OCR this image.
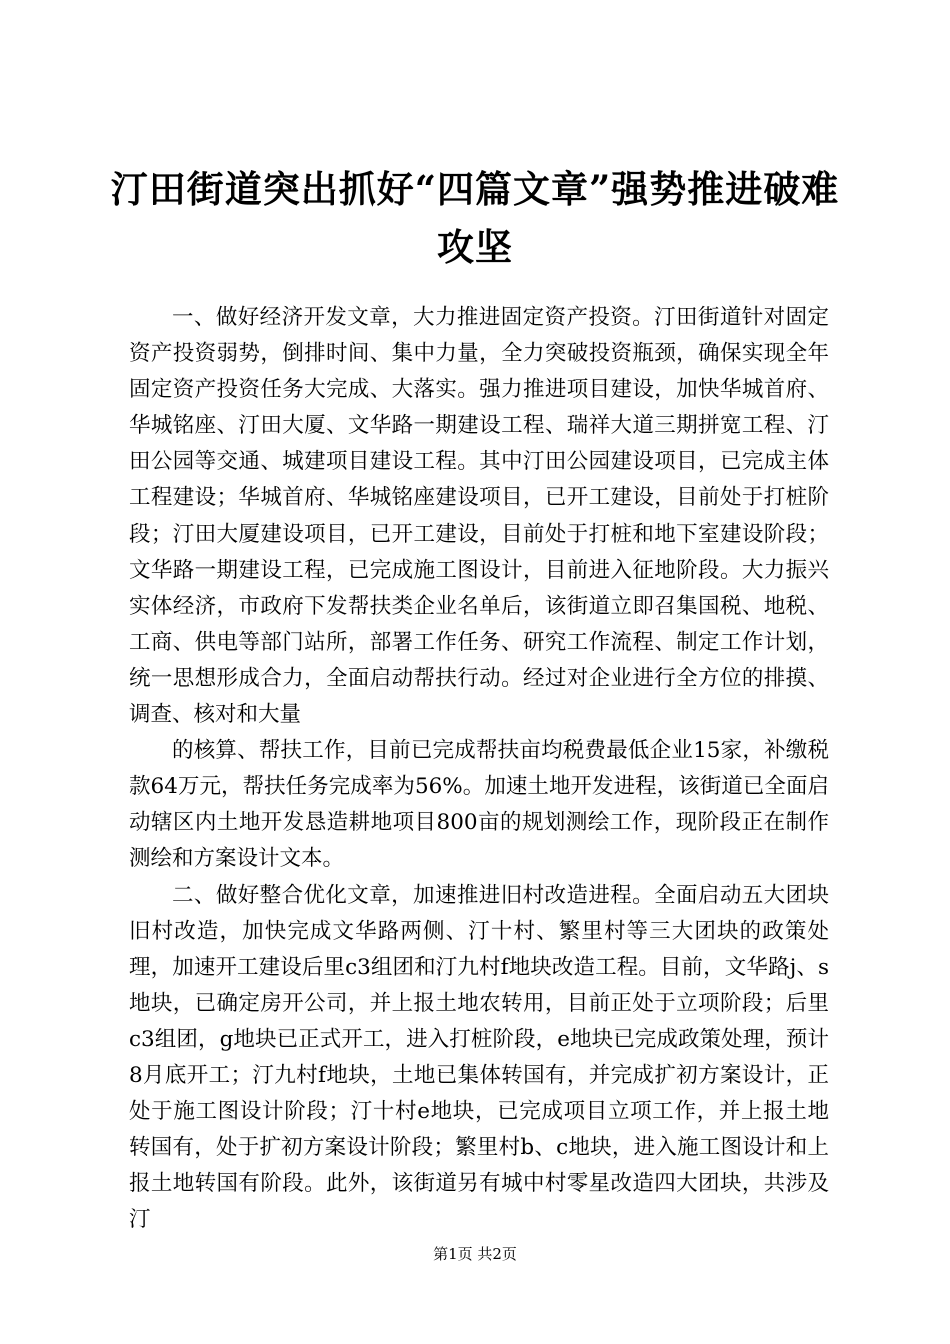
汀田街道突出抓好“四篇文章”强势推进破难攻坚

一、做好经济开发文章，大力推进固定资产投资。汀田街道针对固定资产投资弱势，倒排时间、集中力量，全力突破投资瓶颈，确保实现全年固定资产投资任务大完成、大落实。强力推进项目建设，加快华城首府、华城铭座、汀田大厦、文华路一期建设工程、瑞祥大道三期拼宽工程、汀田公园等交通、城建项目建设工程。其中汀田公园建设项目，已完成主体工程建设；华城首府、华城铭座建设项目，已开工建设，目前处于打桩阶段；汀田大厦建设项目，已开工建设，目前处于打桩和地下室建设阶段；文华路一期建设工程，已完成施工图设计，目前进入征地阶段。大力振兴实体经济，市政府下发帮扶类企业名单后，该街道立即召集国税、地税、工商、供电等部门站所，部署工作任务、研究工作流程、制定工作计划，统一思想形成合力，全面启动帮扶行动。经过对企业进行全方位的排摸、调查、核对和大量

的核算、帮扶工作，目前已完成帮扶亩均税费最低企业15家，补缴税款64万元，帮扶任务完成率为56%。加速土地开发进程，该街道已全面启动辖区内土地开发恳造耕地项目800亩的规划测绘工作，现阶段正在制作测绘和方案设计文本。

二、做好整合优化文章，加速推进旧村改造进程。全面启动五大团块旧村改造，加快完成文华路两侧、汀十村、繁里村等三大团块的政策处理，加速开工建设后里c3组团和汀九村f地块改造工程。目前，文华路j、s地块，已确定房开公司，并上报土地农转用，目前正处于立项阶段；后里c3组团，g地块已正式开工，进入打桩阶段，e地块已完成政策处理，预计8月底开工；汀九村f地块，土地已集体转国有，并完成扩初方案设计，正处于施工图设计阶段；汀十村e地块，已完成项目立项工作，并上报土地转国有，处于扩初方案设计阶段；繁里村b、c地块，进入施工图设计和上报土地转国有阶段。此外，该街道另有城中村零星改造四大团块，共涉及汀

第1页 共2页
